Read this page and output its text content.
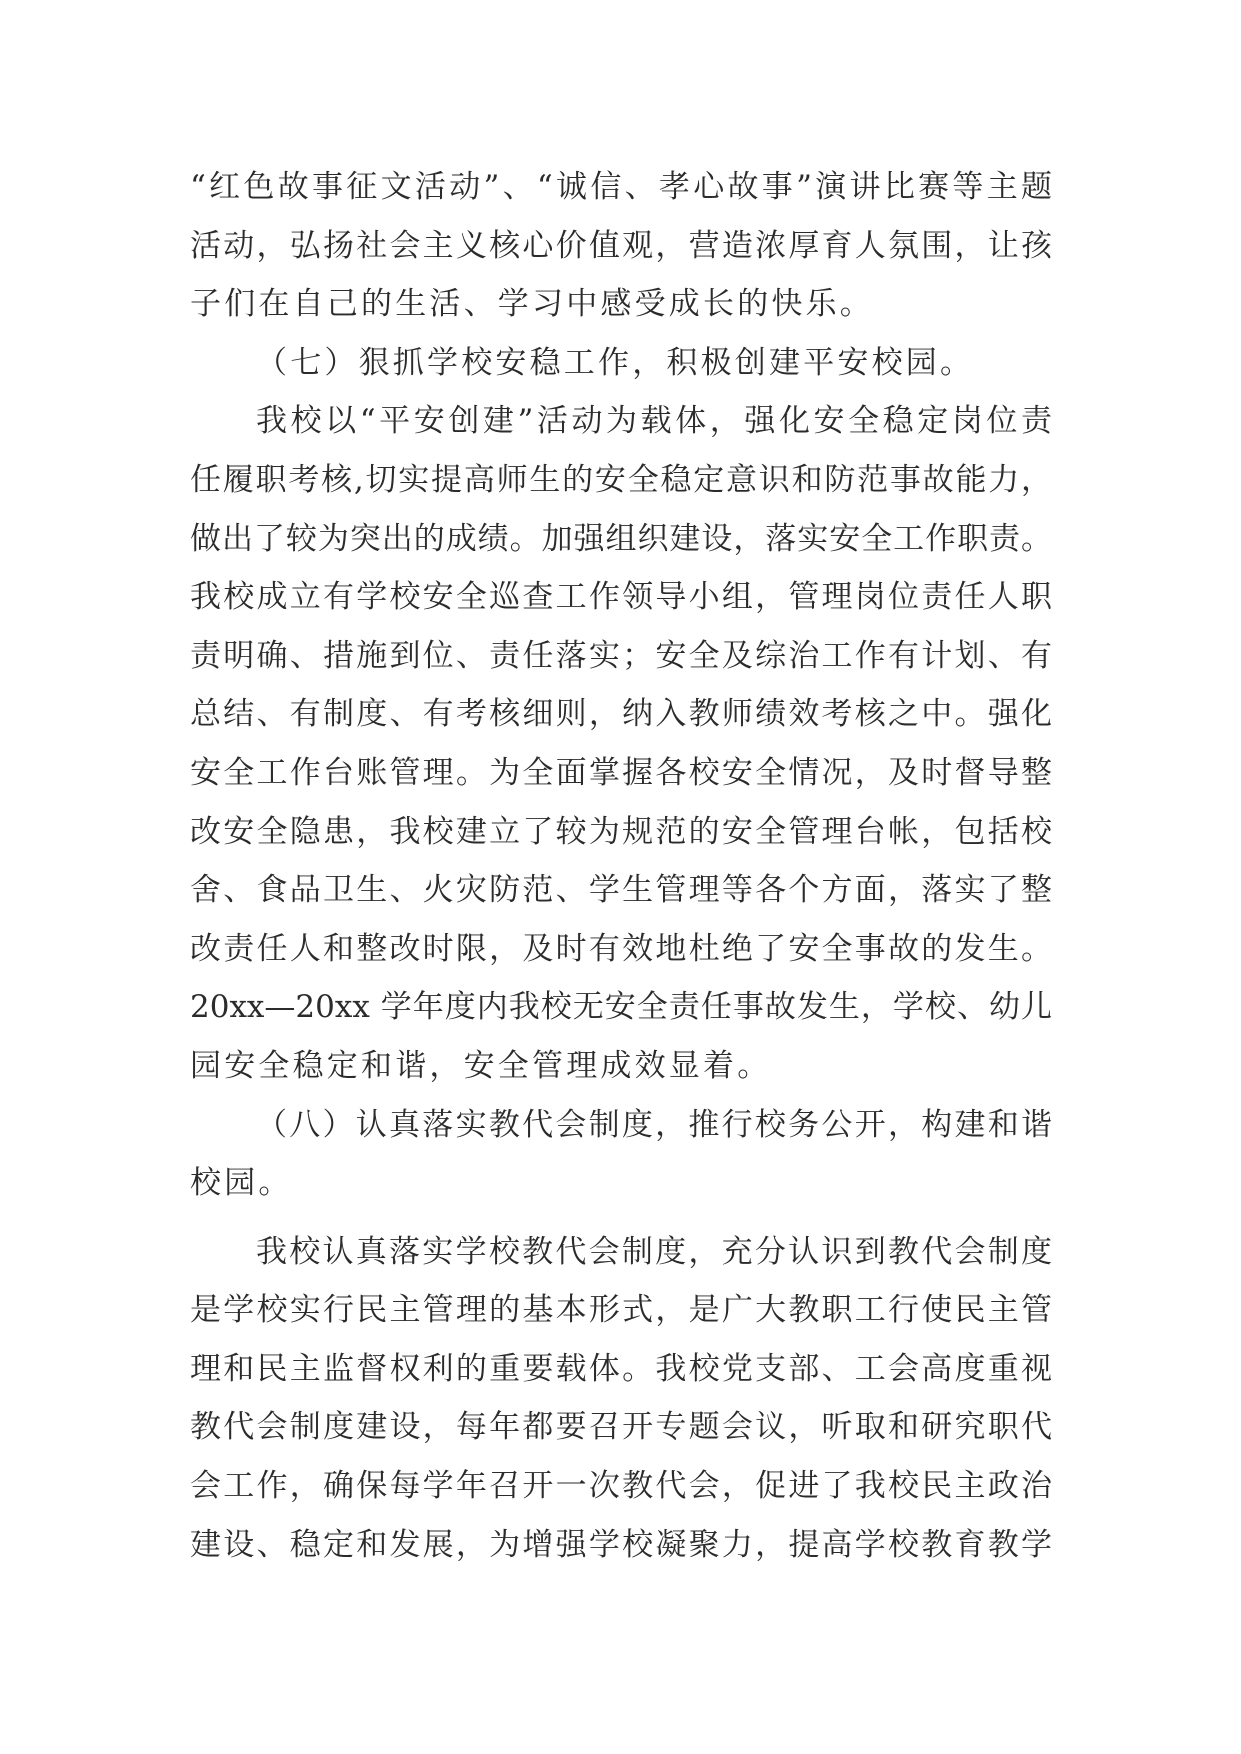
“红色故事征文活动”、“诚信、孝心故事”演讲比赛等主题
活动，弘扬社会主义核心价值观，营造浓厚育人氛围，让孩
子们在自己的生活、学习中感受成长的快乐。
（七）狠抓学校安稳工作，积极创建平安校园。
我校以“平安创建”活动为载体，强化安全稳定岗位责
任履职考核,切实提高师生的安全稳定意识和防范事故能力，
做出了较为突出的成绩。加强组织建设，落实安全工作职责。
我校成立有学校安全巡查工作领导小组，管理岗位责任人职
责明确、措施到位、责任落实；安全及综治工作有计划、有
总结、有制度、有考核细则，纳入教师绩效考核之中。强化
安全工作台账管理。为全面掌握各校安全情况，及时督导整
改安全隐患，我校建立了较为规范的安全管理台帐，包括校
舍、食品卫生、火灾防范、学生管理等各个方面，落实了整
改责任人和整改时限，及时有效地杜绝了安全事故的发生。
20xx—20xx 学年度内我校无安全责任事故发生，学校、幼儿
园安全稳定和谐，安全管理成效显着。
（八）认真落实教代会制度，推行校务公开，构建和谐
校园。
我校认真落实学校教代会制度，充分认识到教代会制度
是学校实行民主管理的基本形式，是广大教职工行使民主管
理和民主监督权利的重要载体。我校党支部、工会高度重视
教代会制度建设，每年都要召开专题会议，听取和研究职代
会工作，确保每学年召开一次教代会，促进了我校民主政治
建设、稳定和发展，为增强学校凝聚力，提高学校教育教学
